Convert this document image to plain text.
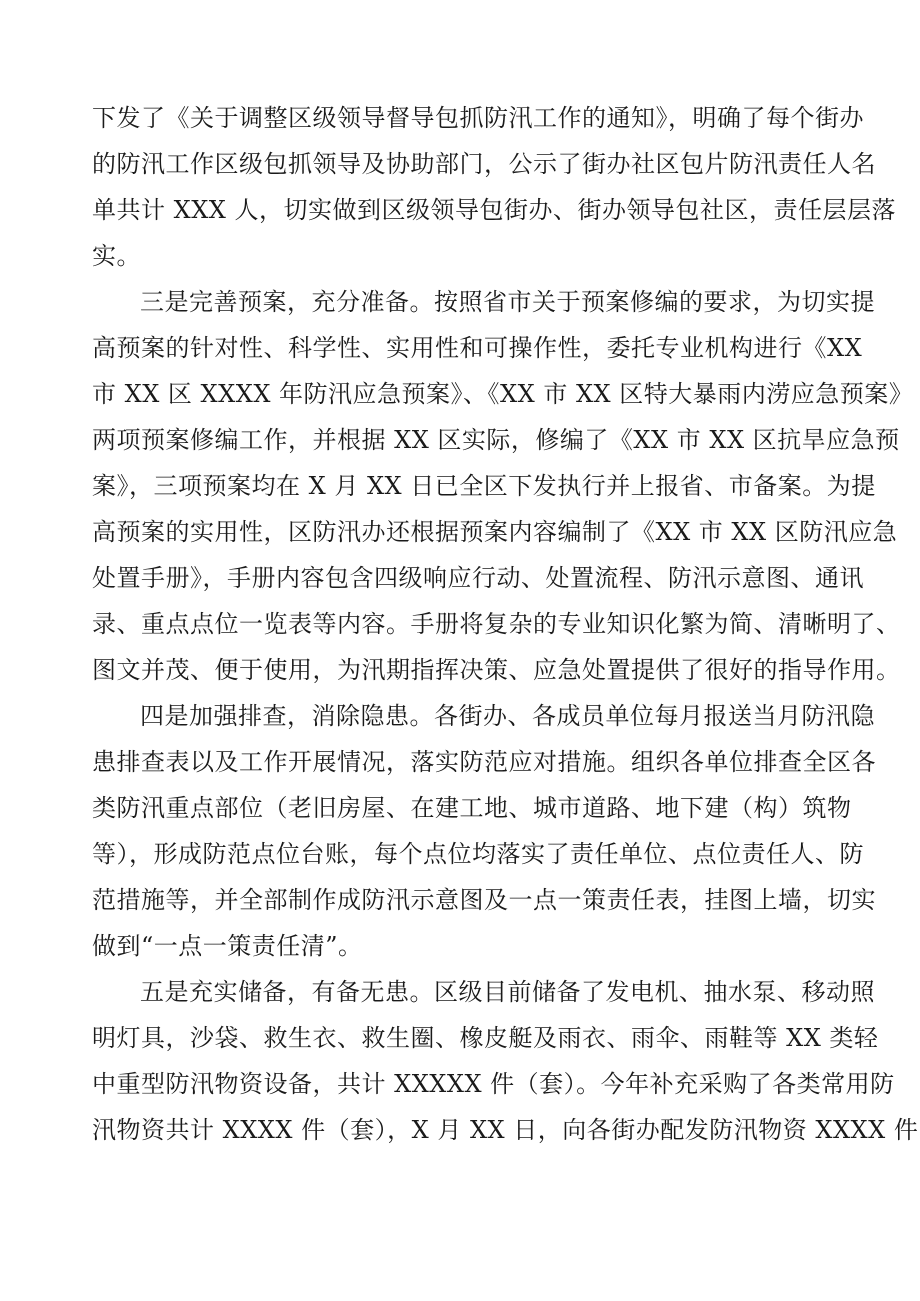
下发了《关于调整区级领导督导包抓防汛工作的通知》，明确了每个街办
的防汛工作区级包抓领导及协助部门，公示了街办社区包片防汛责任人名
单共计 XXX 人，切实做到区级领导包街办、街办领导包社区，责任层层落
实。
三是完善预案，充分准备。按照省市关于预案修编的要求，为切实提
高预案的针对性、科学性、实用性和可操作性，委托专业机构进行《XX
市 XX 区 XXXX 年防汛应急预案》、《XX 市 XX 区特大暴雨内涝应急预案》
两项预案修编工作，并根据 XX 区实际，修编了《XX 市 XX 区抗旱应急预
案》，三项预案均在 X 月 XX 日已全区下发执行并上报省、市备案。为提
高预案的实用性，区防汛办还根据预案内容编制了《XX 市 XX 区防汛应急
处置手册》，手册内容包含四级响应行动、处置流程、防汛示意图、通讯
录、重点点位一览表等内容。手册将复杂的专业知识化繁为简、清晰明了、
图文并茂、便于使用，为汛期指挥决策、应急处置提供了很好的指导作用。
四是加强排查，消除隐患。各街办、各成员单位每月报送当月防汛隐
患排查表以及工作开展情况，落实防范应对措施。组织各单位排查全区各
类防汛重点部位（老旧房屋、在建工地、城市道路、地下建（构）筑物
等），形成防范点位台账，每个点位均落实了责任单位、点位责任人、防
范措施等，并全部制作成防汛示意图及一点一策责任表，挂图上墙，切实
做到“一点一策责任清”。
五是充实储备，有备无患。区级目前储备了发电机、抽水泵、移动照
明灯具，沙袋、救生衣、救生圈、橡皮艇及雨衣、雨伞、雨鞋等 XX 类轻
中重型防汛物资设备，共计 XXXXX 件（套）。今年补充采购了各类常用防
汛物资共计 XXXX 件（套），X 月 XX 日，向各街办配发防汛物资 XXXX 件
